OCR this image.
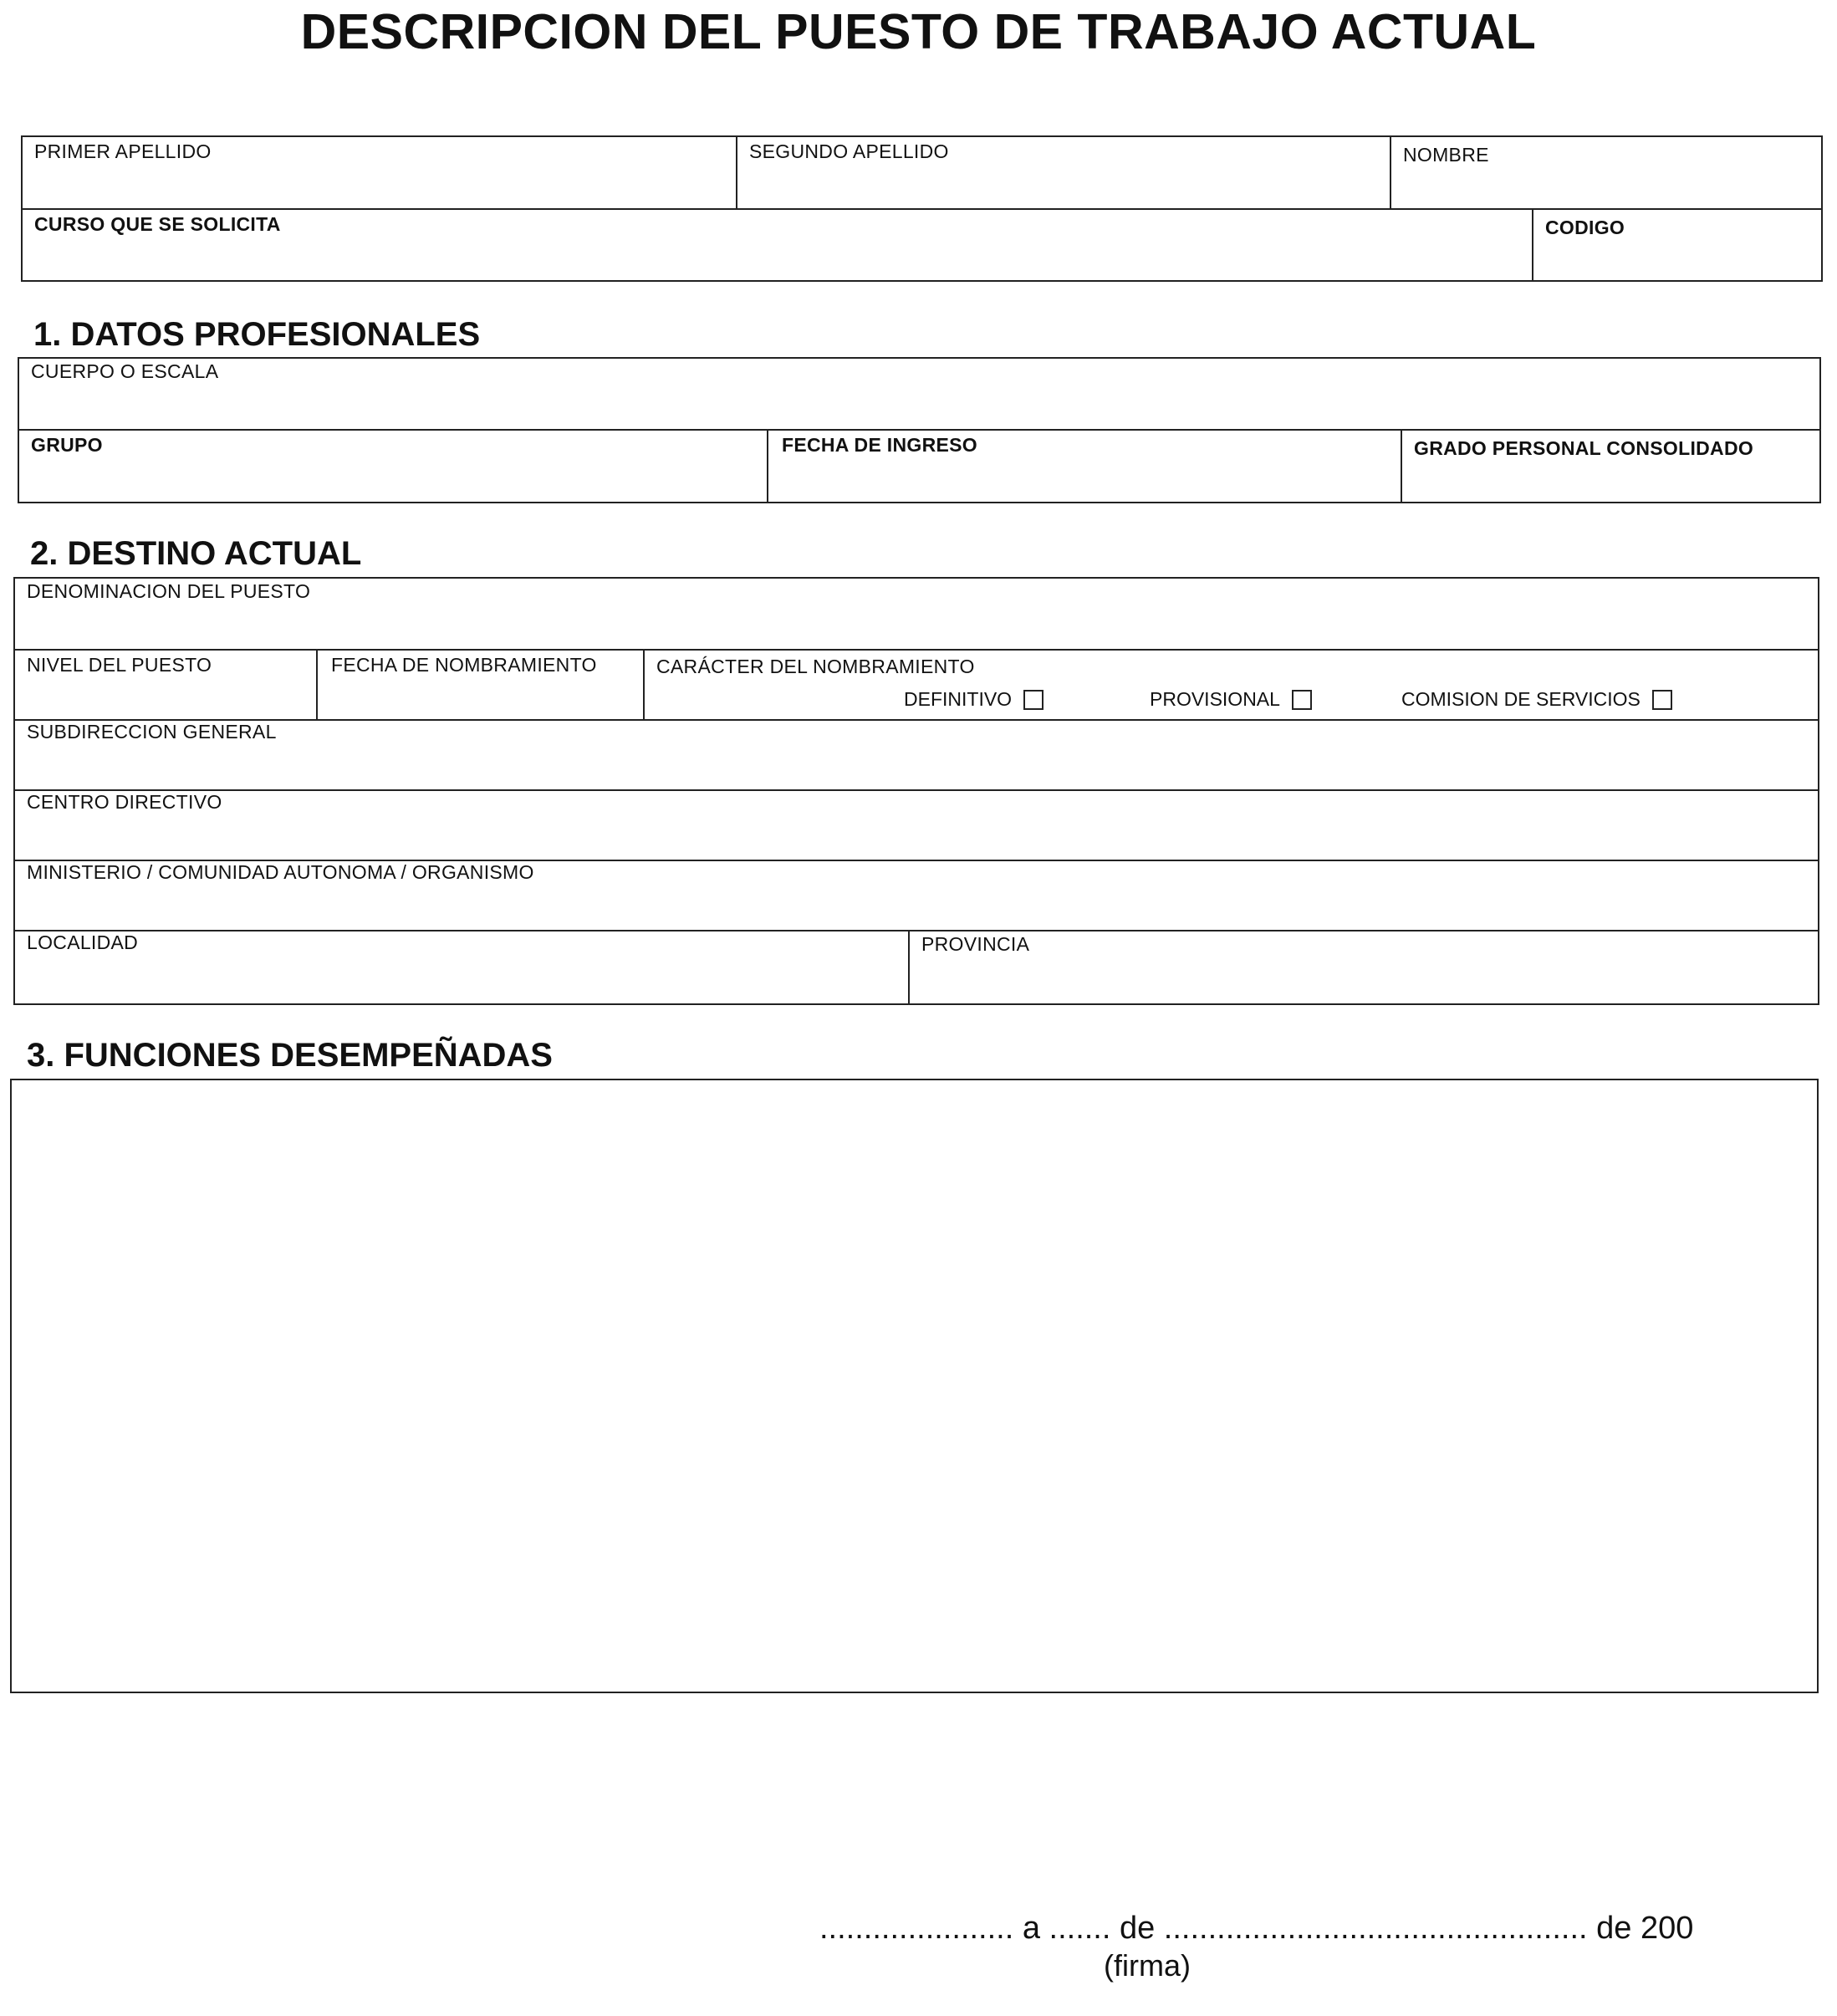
DESCRIPCION DEL PUESTO DE TRABAJO ACTUAL
PRIMER APELLIDO	SEGUNDO APELLIDO	NOMBRE
CURSO QUE SE SOLICITA	CODIGO
1. DATOS PROFESIONALES
CUERPO O ESCALA
GRUPO	FECHA DE INGRESO	GRADO PERSONAL CONSOLIDADO
2. DESTINO ACTUAL
DENOMINACION DEL PUESTO
NIVEL DEL PUESTO	FECHA DE NOMBRAMIENTO	CARÁCTER DEL NOMBRAMIENTO
DEFINITIVO	PROVISIONAL	COMISION DE SERVICIOS
SUBDIRECCION GENERAL
CENTRO DIRECTIVO
MINISTERIO / COMUNIDAD AUTONOMA / ORGANISMO
LOCALIDAD	PROVINCIA
3. FUNCIONES DESEMPEÑADAS
...................... a ....... de ................................................ de 200
(firma)
